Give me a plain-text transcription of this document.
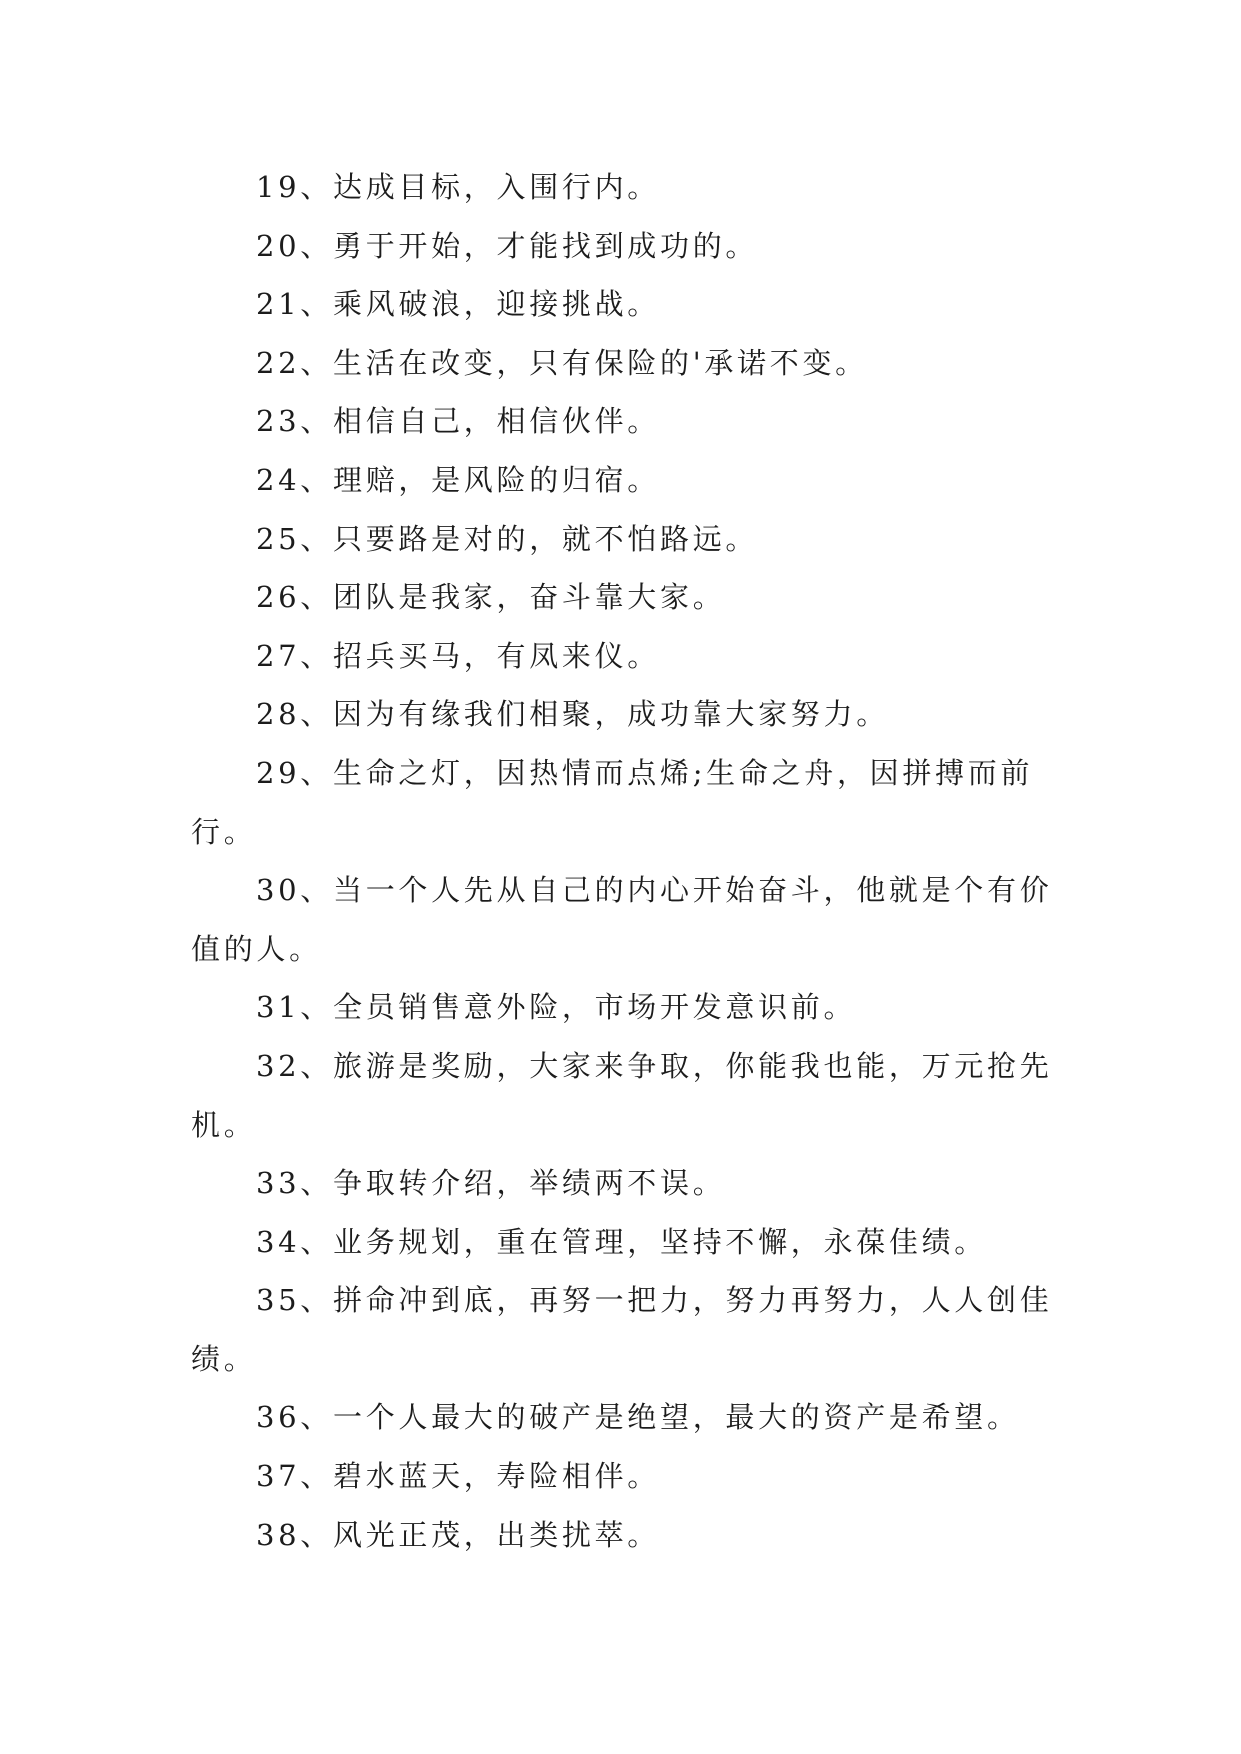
19、达成目标，入围行内。

20、勇于开始，才能找到成功的。

21、乘风破浪，迎接挑战。

22、生活在改变，只有保险的'承诺不变。

23、相信自己，相信伙伴。

24、理赔，是风险的归宿。

25、只要路是对的，就不怕路远。

26、团队是我家，奋斗靠大家。

27、招兵买马，有凤来仪。

28、因为有缘我们相聚，成功靠大家努力。

29、生命之灯，因热情而点烯;生命之舟，因拼搏而前
行。

30、当一个人先从自己的内心开始奋斗，他就是个有价
值的人。

31、全员销售意外险，市场开发意识前。

32、旅游是奖励，大家来争取，你能我也能，万元抢先
机。

33、争取转介绍，举绩两不误。

34、业务规划，重在管理，坚持不懈，永葆佳绩。

35、拼命冲到底，再努一把力，努力再努力，人人创佳
绩。

36、一个人最大的破产是绝望，最大的资产是希望。

37、碧水蓝天，寿险相伴。

38、风光正茂，出类扰萃。
